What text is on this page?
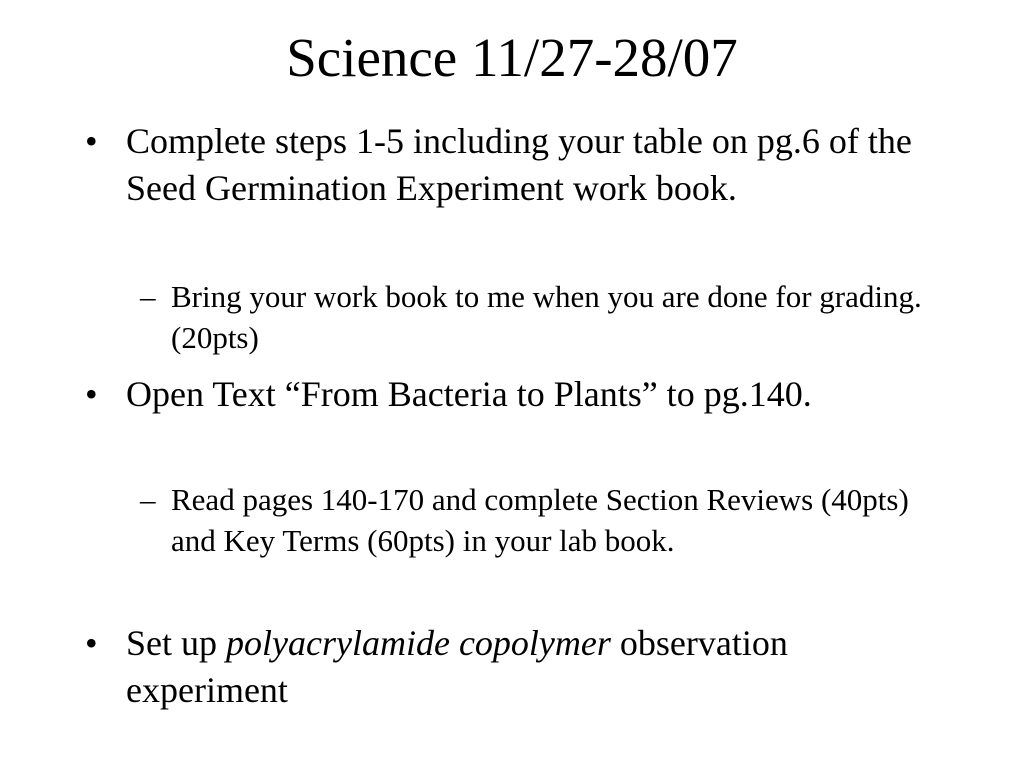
Science 11/27-28/07
• Complete steps 1-5 including your table on pg.6 of the Seed Germination Experiment work book.
– Bring your work book to me when you are done for grading. (20pts)
• Open Text “From Bacteria to Plants” to pg.140.
– Read pages 140-170 and complete Section Reviews (40pts) and Key Terms (60pts) in your lab book.
• Set up polyacrylamide copolymer observation experiment
